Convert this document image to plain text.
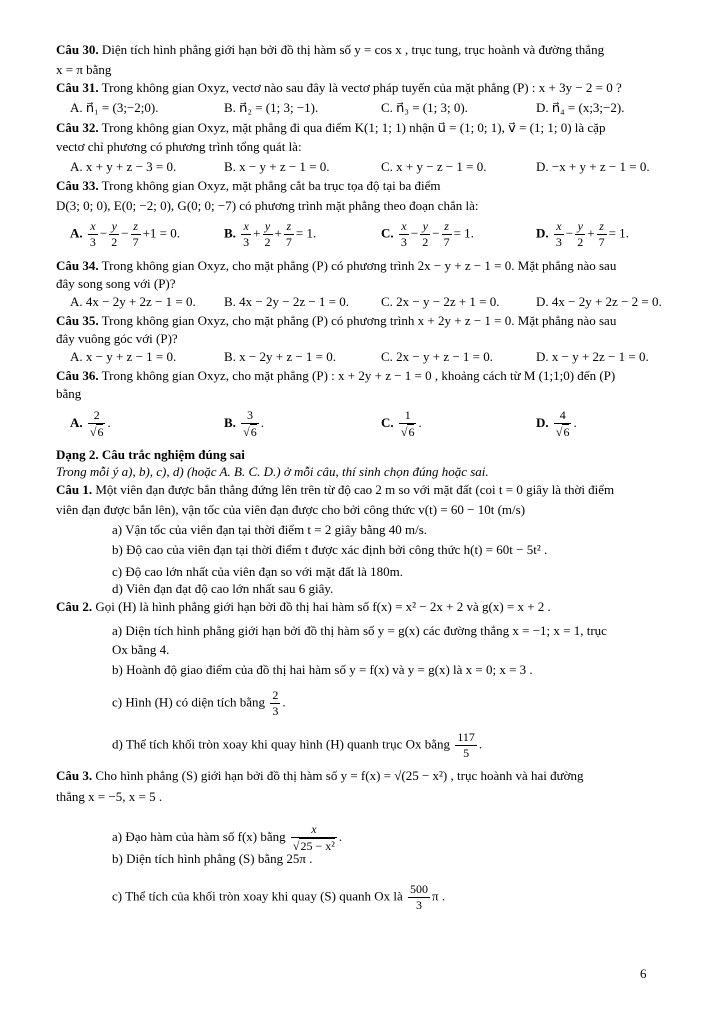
Câu 30. Diện tích hình phẳng giới hạn bởi đồ thị hàm số y = cos x , trục tung, trục hoành và đường thẳng
x = π bằng
Câu 31. Trong không gian Oxyz, vectơ nào sau đây là vectơ pháp tuyến của mặt phẳng (P) : x + 3y − 2 = 0 ?
A. n⃗₁ = (3;−2;0).	B. n⃗₂ = (1; 3; −1).	C. n⃗₃ = (1; 3; 0).	D. n⃗₄ = (x;3;−2).
Câu 32. Trong không gian Oxyz, mặt phẳng đi qua điểm K(1; 1; 1) nhận u⃗ = (1; 0; 1), v⃗ = (1; 1; 0) là cặp
vectơ chỉ phương có phương trình tổng quát là:
A. x + y + z − 3 = 0.	B. x − y + z − 1 = 0.	C. x + y − z − 1 = 0.	D. −x + y + z − 1 = 0.
Câu 33. Trong không gian Oxyz, mặt phẳng cắt ba trục tọa độ tại ba điểm
D(3; 0; 0), E(0; −2; 0), G(0; 0; −7) có phương trình mặt phẳng theo đoạn chắn là:
A. $\frac{x}{3} - \frac{y}{2} - \frac{z}{7} +1 = 0$.	B. $\frac{x}{3} + \frac{y}{2} + \frac{z}{7} = 1$.	C. $\frac{x}{3} - \frac{y}{2} - \frac{z}{7} = 1$.	D. $\frac{x}{3} - \frac{y}{2} + \frac{z}{7} = 1$.
Câu 34. Trong không gian Oxyz, cho mặt phẳng (P) có phương trình 2x − y + z − 1 = 0. Mặt phẳng nào sau
đây song song với (P)?
A. 4x − 2y + 2z − 1 = 0. B. 4x − 2y − 2z − 1 = 0. C. 2x − y − 2z + 1 = 0.	D. 4x − 2y + 2z − 2 = 0.
Câu 35. Trong không gian Oxyz, cho mặt phẳng (P) có phương trình x + 2y + z − 1 = 0. Mặt phẳng nào sau
đây vuông góc với (P)?
A. x − y + z − 1 = 0.	B. x − 2y + z − 1 = 0.	C. 2x − y + z − 1 = 0.	D. x − y + 2z − 1 = 0.
Câu 36. Trong không gian Oxyz, cho mặt phẳng (P) : x + 2y + z − 1 = 0 , khoảng cách từ M (1;1;0) đến (P)
bằng
A. $\frac{2}{√6}$ .	B. $\frac{3}{√6}$ .	C. $\frac{1}{√6}$ .	D. $\frac{4}{√6}$ .
Dạng 2. Câu trắc nghiệm đúng sai
Trong mỗi ý a), b), c), d) (hoặc A. B. C. D.) ở mỗi câu, thí sinh chọn đúng hoặc sai.
Câu 1. Một viên đạn được bắn thẳng đứng lên trên từ độ cao 2 m so với mặt đất (coi t = 0 giây là thời điểm
viên đạn được bắn lên), vận tốc của viên đạn được cho bởi công thức v(t) = 60 − 10t (m/s)
a) Vận tốc của viên đạn tại thời điểm t = 2 giây bằng 40 m/s.
b) Độ cao của viên đạn tại thời điểm t được xác định bởi công thức h(t) = 60t − 5t² .
c) Độ cao lớn nhất của viên đạn so với mặt đất là 180m.
d) Viên đạn đạt độ cao lớn nhất sau 6 giây.
Câu 2. Gọi (H) là hình phẳng giới hạn bởi đồ thị hai hàm số f(x) = x² − 2x + 2 và g(x) = x + 2 .
a) Diện tích hình phẳng giới hạn bởi đồ thị hàm số y = g(x) các đường thẳng x = −1; x = 1, trục
Ox bằng 4.
b) Hoành độ giao điểm của đồ thị hai hàm số y = f(x) và y = g(x) là x = 0; x = 3 .
c) Hình (H) có diện tích bằng $\frac{2}{3}$ .
d) Thể tích khối tròn xoay khi quay hình (H) quanh trục Ox bằng $\frac{117}{5}$ .
Câu 3. Cho hình phẳng (S) giới hạn bởi đồ thị hàm số y = f(x) = √(25 − x²) , trục hoành và hai đường
thẳng x = −5, x = 5 .
a) Đạo hàm của hàm số f(x) bằng $\frac{x}{\text{√25 − x²}}$ .
b) Diện tích hình phẳng (S) bằng 25π .
c) Thể tích của khối tròn xoay khi quay (S) quanh Ox là $\frac{500}{3}$ π .
6
